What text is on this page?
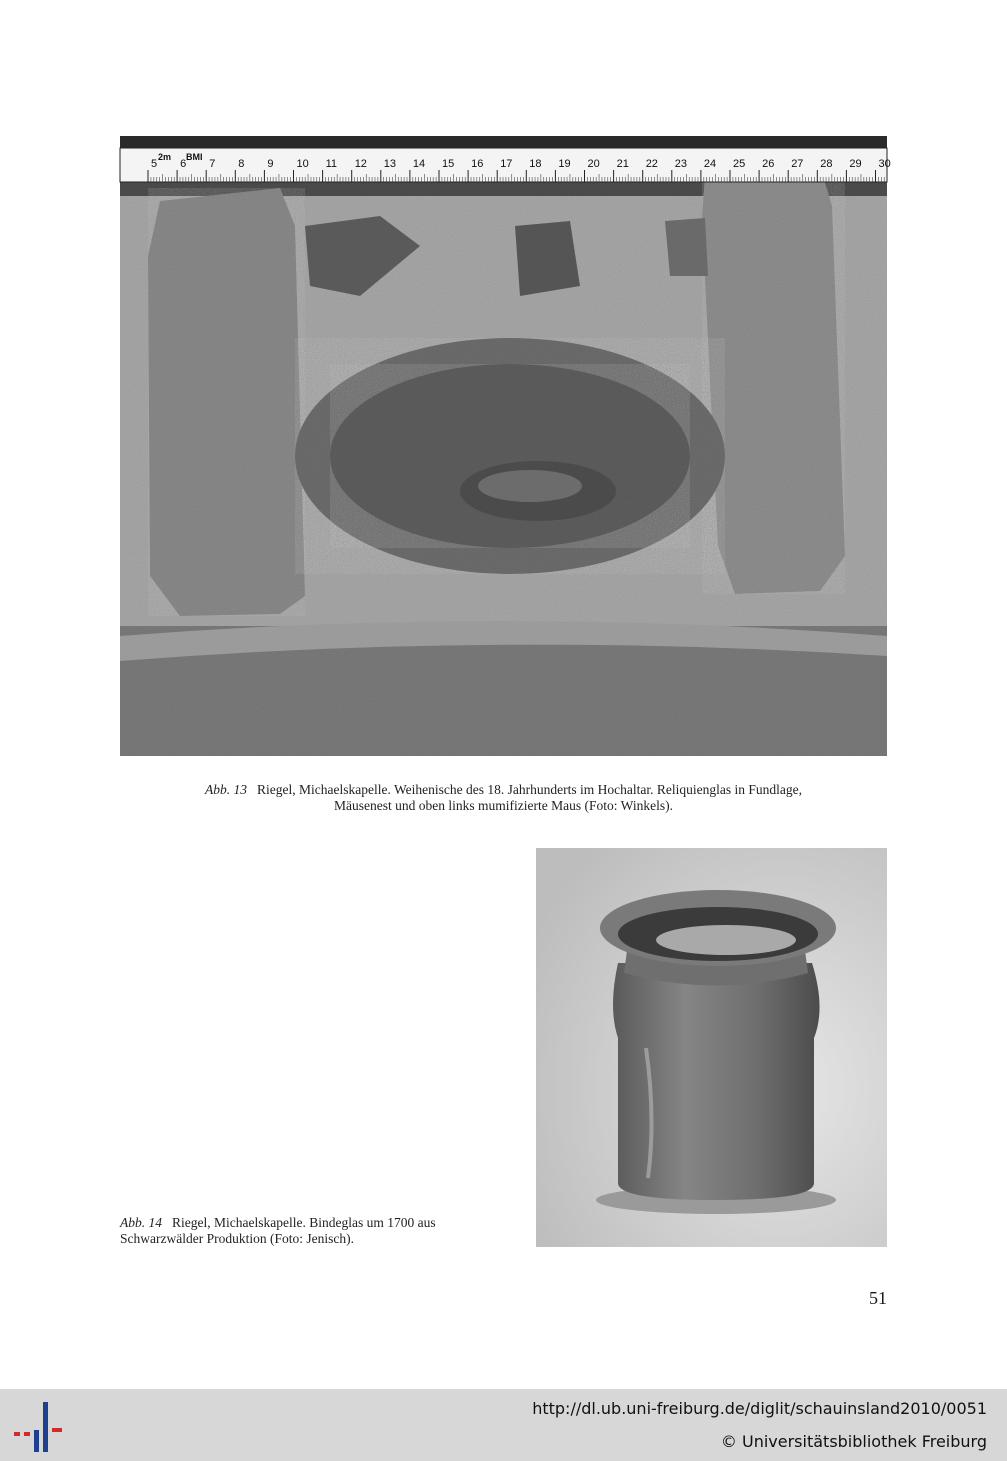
5 6 7 8 9 10 11 12 13 14 15 16 17 18 19 20 21 22 23 24 25 26 27 28 29 30
2m BMI
Abb. 13 Riegel, Michaelskapelle. Weihenische des 18. Jahrhunderts im Hochaltar. Reliquienglas in Fundlage,
Mäusenest und oben links mumifizierte Maus (Foto: Winkels).
Abb. 14 Riegel, Michaelskapelle. Bindeglas um 1700 aus
Schwarzwälder Produktion (Foto: Jenisch).
51
http://dl.ub.uni-freiburg.de/diglit/schauinsland2010/0051
© Universitätsbibliothek Freiburg
